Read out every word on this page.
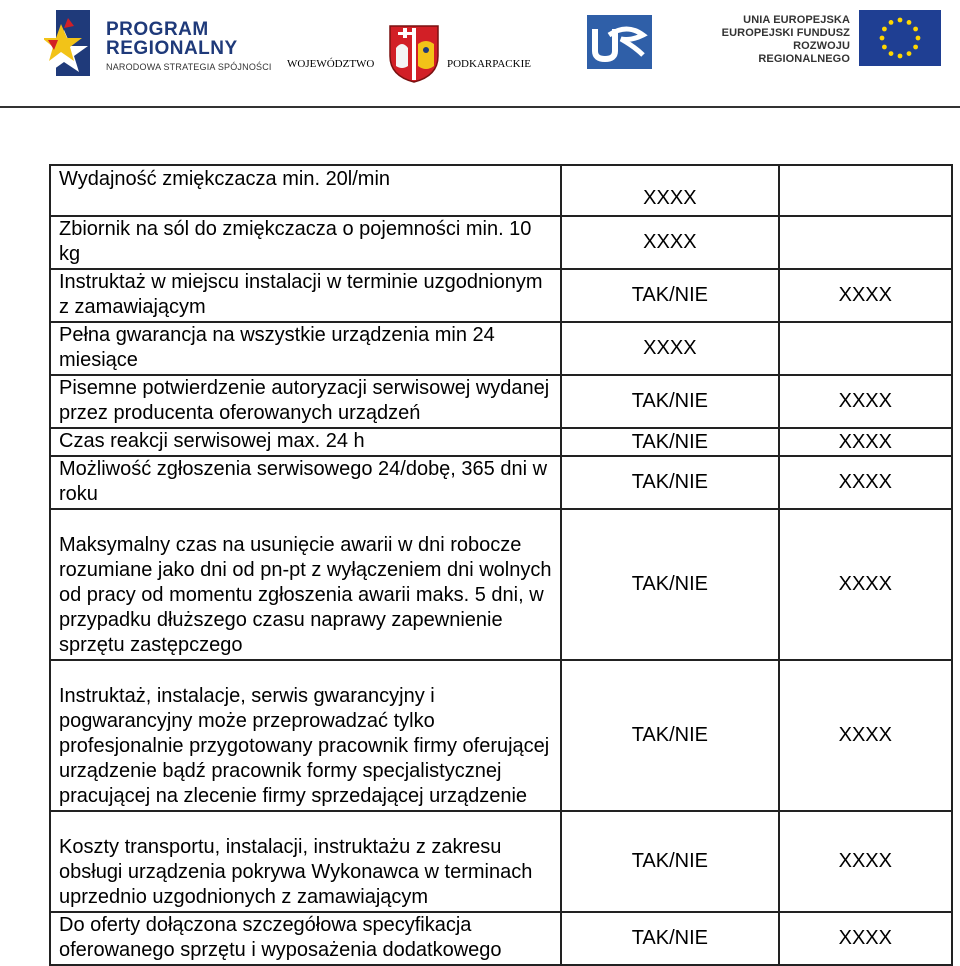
PROGRAM
REGIONALNY
NARODOWA STRATEGIA SPÓJNOŚCI WOJEWÓDZTWO	PODKARPACKIE
UNIA EUROPEJSKA
EUROPEJSKI FUNDUSZ
ROZWOJU REGIONALNEGO
Wydajność zmiękczacza min. 20l/min	XXXX	
Zbiornik na sól do zmiękczacza o pojemności min. 10 kg	XXXX	
Instruktaż w miejscu instalacji w terminie uzgodnionym z zamawiającym	TAK/NIE	XXXX
Pełna gwarancja na wszystkie urządzenia min 24 miesiące	XXXX	
Pisemne potwierdzenie autoryzacji serwisowej wydanej przez producenta oferowanych urządzeń	TAK/NIE	XXXX
Czas reakcji serwisowej max. 24 h	TAK/NIE	XXXX
Możliwość zgłoszenia serwisowego 24/dobę, 365 dni w roku	TAK/NIE	XXXX
Maksymalny czas na usunięcie awarii w dni robocze rozumiane jako dni od pn-pt z wyłączeniem dni wolnych od pracy od momentu zgłoszenia awarii maks. 5 dni, w przypadku dłuższego czasu naprawy zapewnienie sprzętu zastępczego	TAK/NIE	XXXX
Instruktaż, instalacje, serwis gwarancyjny i pogwarancyjny może przeprowadzać tylko profesjonalnie przygotowany pracownik firmy oferującej urządzenie bądź pracownik formy specjalistycznej pracującej na zlecenie firmy sprzedającej urządzenie	TAK/NIE	XXXX
Koszty transportu, instalacji, instruktażu z zakresu obsługi urządzenia pokrywa Wykonawca w terminach uprzednio uzgodnionych z zamawiającym	TAK/NIE	XXXX
Do oferty dołączona szczegółowa specyfikacja oferowanego sprzętu i wyposażenia dodatkowego	TAK/NIE	XXXX
